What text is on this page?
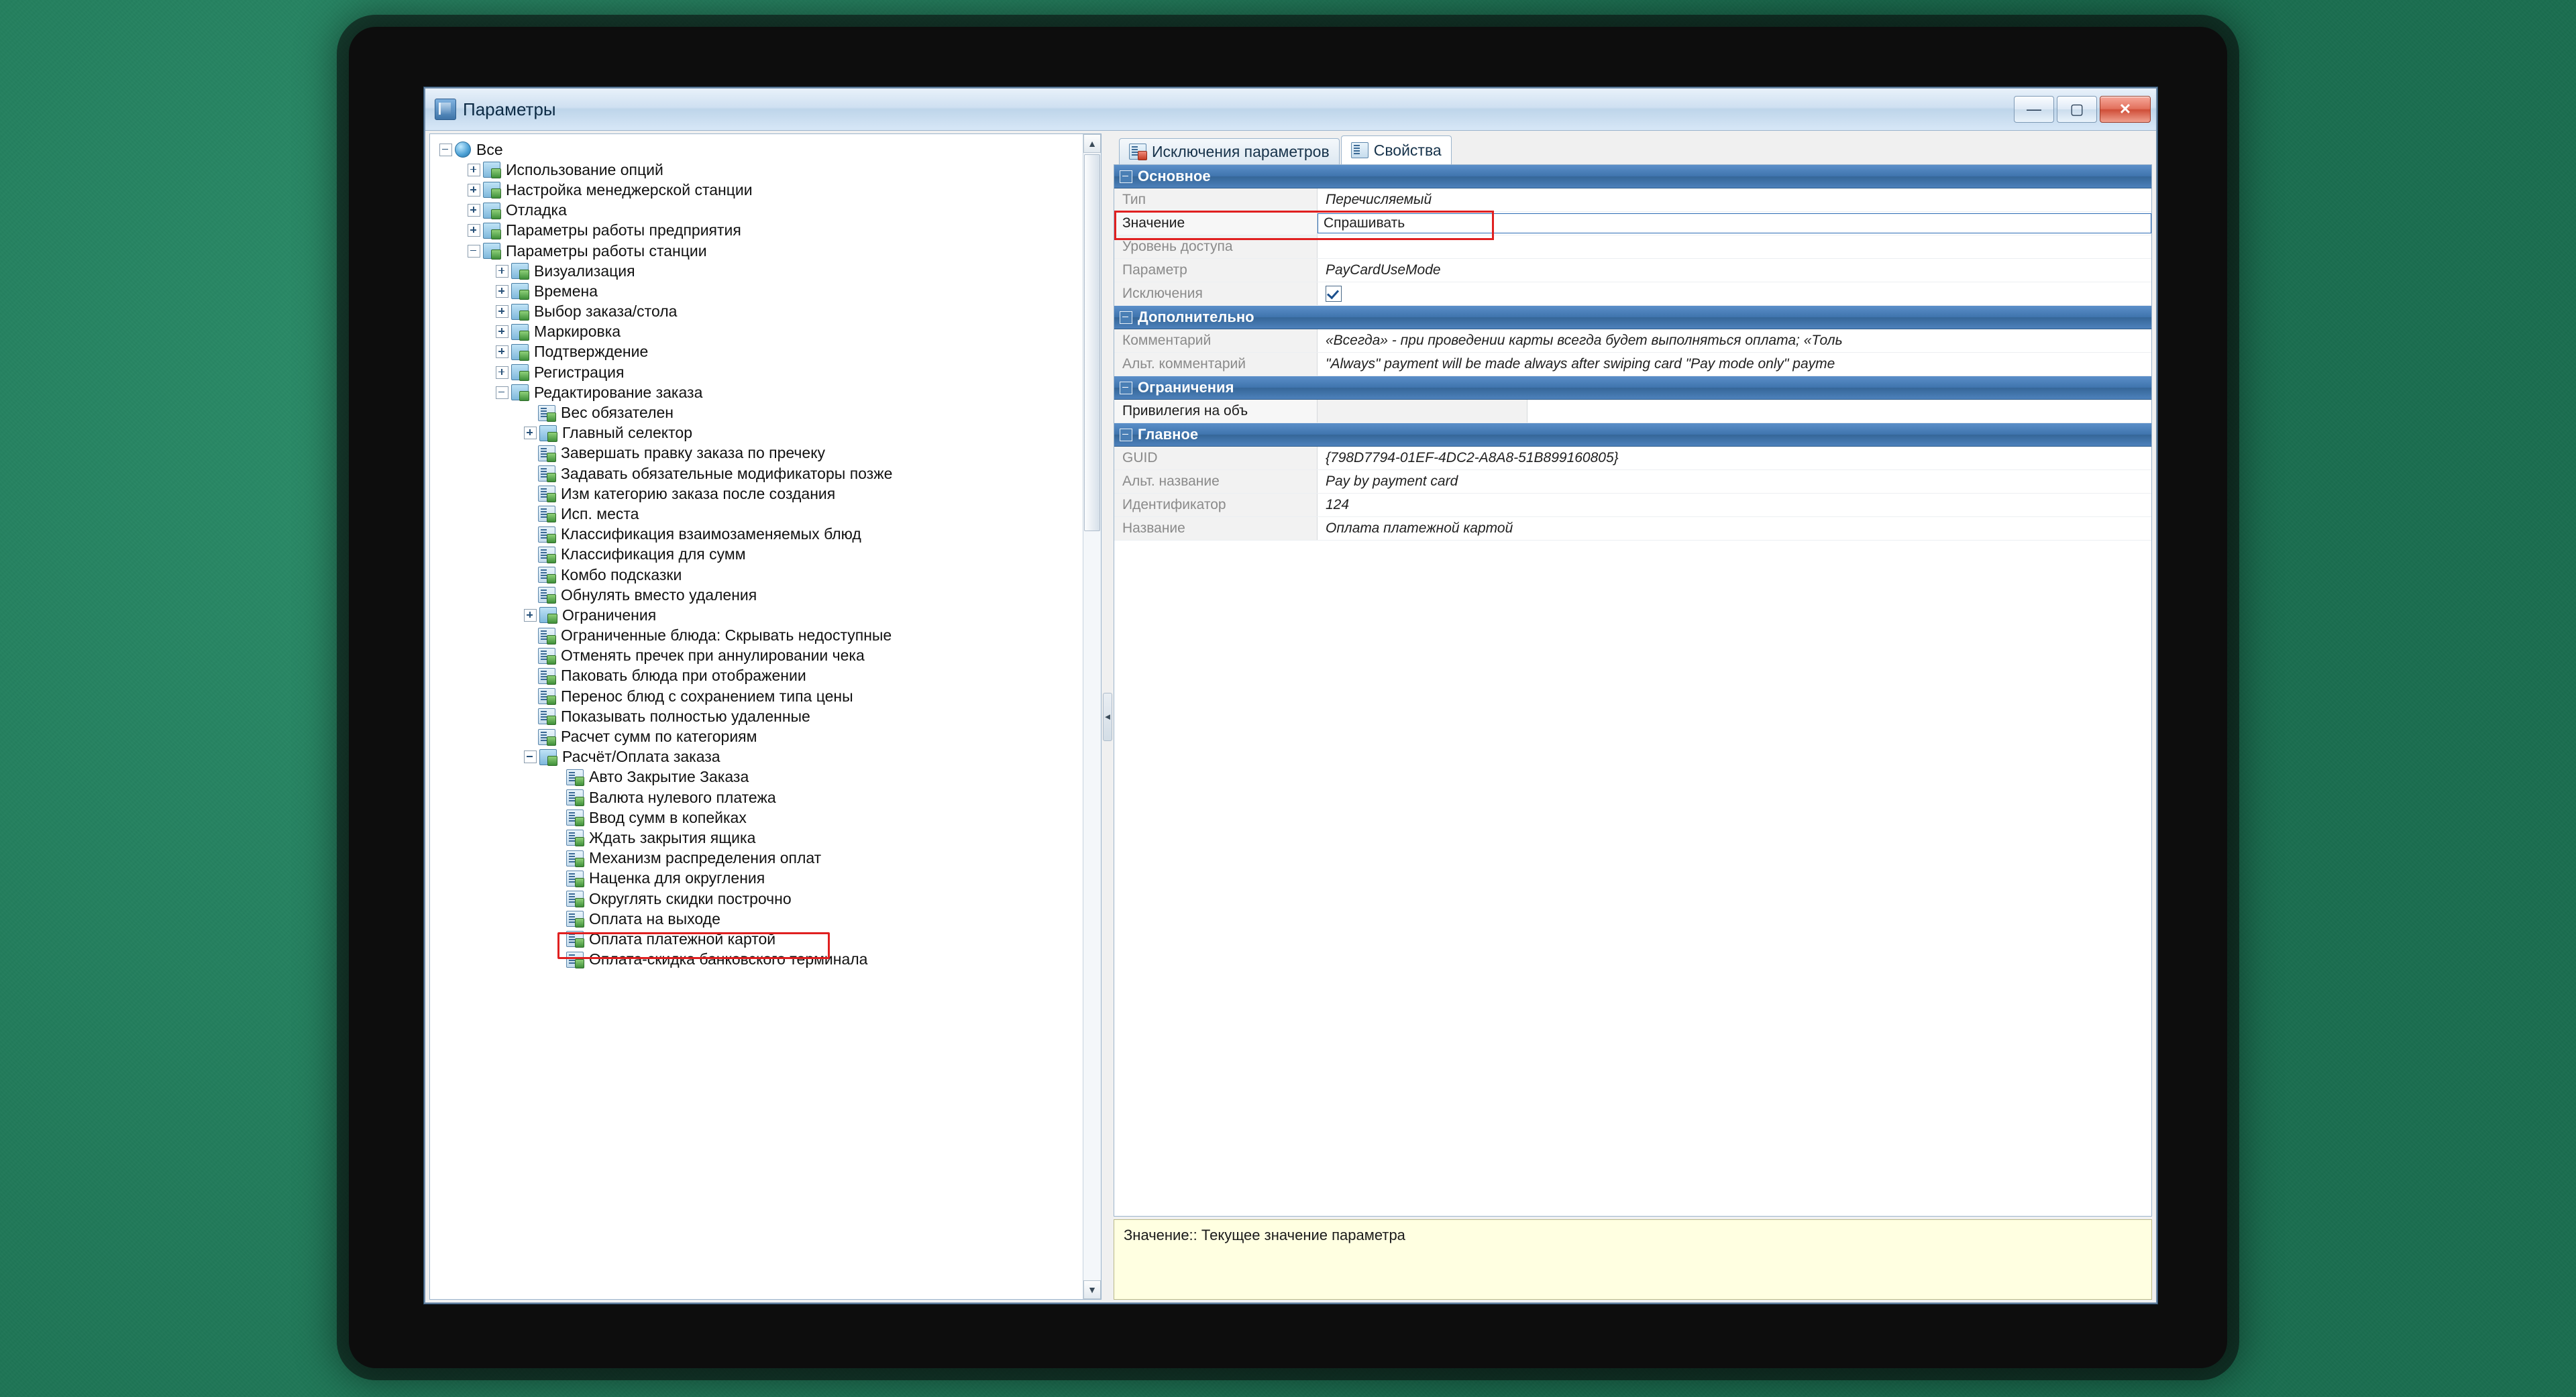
Параметры	—	▢	✕
Все
Использование опций
Настройка менеджерской станции
Отладка
Параметры работы предприятия
Параметры работы станции
Визуализация
Времена
Выбор заказа/стола
Маркировка
Подтверждение
Регистрация
Редактирование заказа
Вес обязателен
Главный селектор
Завершать правку заказа по пречеку
Задавать обязательные модификаторы позже
Изм категорию заказа после создания
Исп. места
Классификация взаимозаменяемых блюд
Классификация для сумм
Комбо подсказки
Обнулять вместо удаления
Ограничения
Ограниченные блюда: Скрывать недоступные
Отменять пречек при аннулировании чека
Паковать блюда при отображении
Перенос блюд с сохранением типа цены
Показывать полностью удаленные
Расчет сумм по категориям
Расчёт/Оплата заказа
Авто Закрытие Заказа
Валюта нулевого платежа
Ввод сумм в копейках
Ждать закрытия ящика
Механизм распределения оплат
Наценка для округления
Округлять скидки построчно
Оплата на выходе
Оплата платежной картой
Оплата-скидка банковского терминала
▲
▼
◄
Исключения параметров	Свойства
Основное
Тип	Перечисляемый
Значение	Спрашивать
Уровень доступа
Параметр	PayCardUseMode
Исключения
Дополнительно
Комментарий	«Всегда» - при проведении карты всегда будет выполняться оплата; «Толь
Альт. комментарий	"Always" payment will be made always after swiping card "Pay mode only" payme
Ограничения
Привилегия на объ
Главное
GUID	{798D7794-01EF-4DC2-A8A8-51B899160805}
Альт. название	Pay by payment card
Идентификатор	124
Название	Оплата платежной картой
Значение:: Текущее значение параметра
